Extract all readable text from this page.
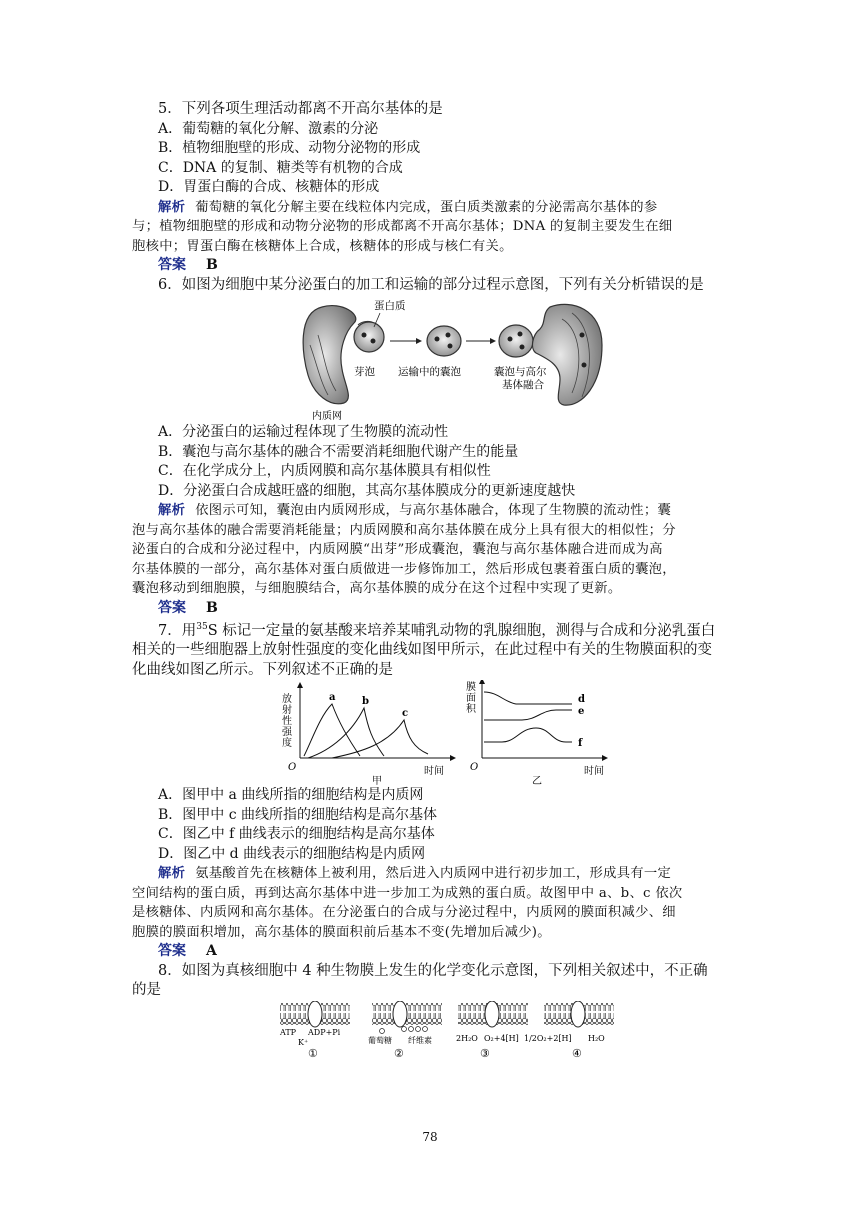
5．下列各项生理活动都离不开高尔基体的是
A．葡萄糖的氧化分解、激素的分泌
B．植物细胞壁的形成、动物分泌物的形成
C．DNA 的复制、糖类等有机物的合成
D．胃蛋白酶的合成、核糖体的形成
解析 葡萄糖的氧化分解主要在线粒体内完成，蛋白质类激素的分泌需高尔基体的参
与；植物细胞壁的形成和动物分泌物的形成都离不开高尔基体；DNA 的复制主要发生在细
胞核中；胃蛋白酶在核糖体上合成，核糖体的形成与核仁有关。
答案 B
6．如图为细胞中某分泌蛋白的加工和运输的部分过程示意图，下列有关分析错误的是
蛋白质
芽泡 运输中的囊泡	囊泡与高尔
基体融合
内质网
A．分泌蛋白的运输过程体现了生物膜的流动性
B．囊泡与高尔基体的融合不需要消耗细胞代谢产生的能量
C．在化学成分上，内质网膜和高尔基体膜具有相似性
D．分泌蛋白合成越旺盛的细胞，其高尔基体膜成分的更新速度越快
解析 依图示可知，囊泡由内质网形成，与高尔基体融合，体现了生物膜的流动性；囊
泡与高尔基体的融合需要消耗能量；内质网膜和高尔基体膜在成分上具有很大的相似性；分
泌蛋白的合成和分泌过程中，内质网膜“出芽”形成囊泡，囊泡与高尔基体融合进而成为高
尔基体膜的一部分，高尔基体对蛋白质做进一步修饰加工，然后形成包裹着蛋白质的囊泡，
囊泡移动到细胞膜，与细胞膜结合，高尔基体膜的成分在这个过程中实现了更新。
答案 B
7．用$^{35}$S 标记一定量的氨基酸来培养某哺乳动物的乳腺细胞，测得与合成和分泌乳蛋白
相关的一些细胞器上放射性强度的变化曲线如图甲所示，在此过程中有关的生物膜面积的变
化曲线如图乙所示。下列叙述不正确的是
放
射
性
强
度
O	时间
甲
a	b
c
膜
面
积
O	时间
乙
d
e
f
A．图甲中 a 曲线所指的细胞结构是内质网
B．图甲中 c 曲线所指的细胞结构是高尔基体
C．图乙中 f 曲线表示的细胞结构是高尔基体
D．图乙中 d 曲线表示的细胞结构是内质网
解析 氨基酸首先在核糖体上被利用，然后进入内质网中进行初步加工，形成具有一定
空间结构的蛋白质，再到达高尔基体中进一步加工为成熟的蛋白质。故图甲中 a、b、c 依次
是核糖体、内质网和高尔基体。在分泌蛋白的合成与分泌过程中，内质网的膜面积减少、细
胞膜的膜面积增加，高尔基体的膜面积前后基本不变(先增加后减少)。
答案 A
8．如图为真核细胞中 4 种生物膜上发生的化学变化示意图，下列相关叙述中，不正确
的是
ATP ADP+Pi
K⁺
①
葡萄糖 纤维素
②
2H₂O O₂+4[H]
③
1/2O₂+2[H] H₂O
④
78
